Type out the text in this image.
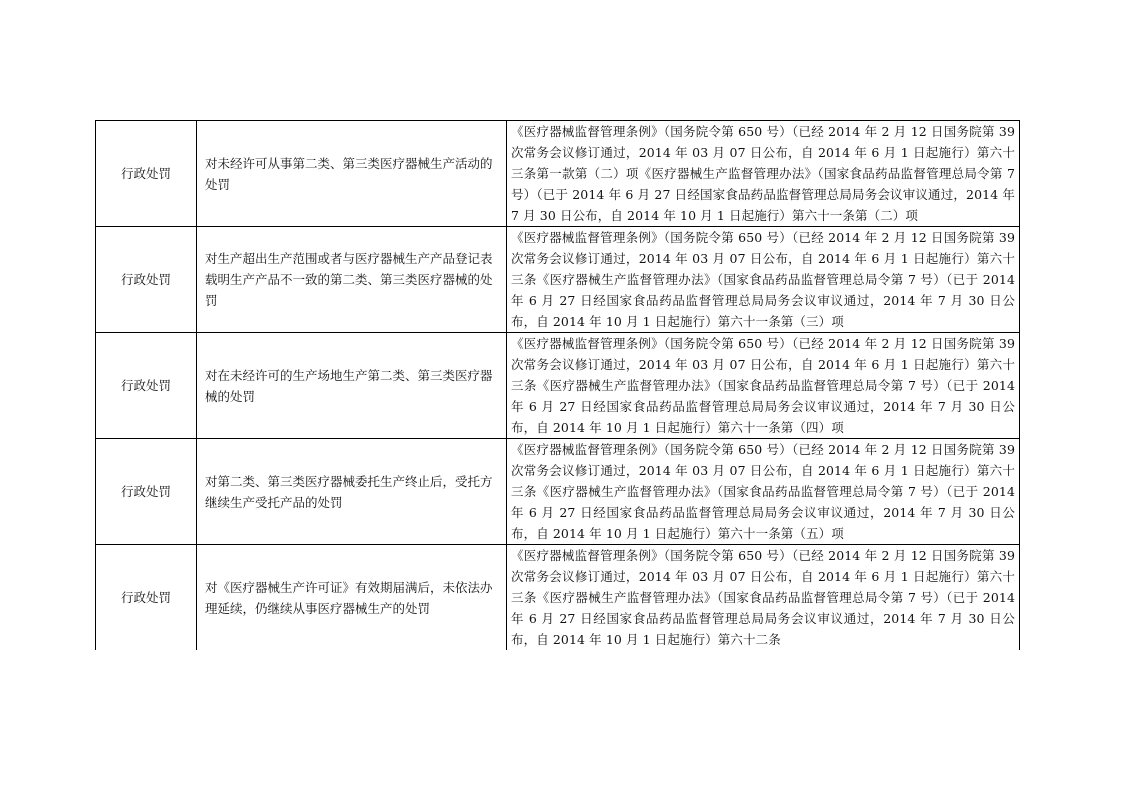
行政处罚	对未经许可从事第二类、第三类医疗器械生产活动的处罚	《医疗器械监督管理条例》（国务院令第 650 号）（已经 2014 年 2 月 12 日国务院第 39 次常务会议修订通过，2014 年 03 月 07 日公布，自 2014 年 6 月 1 日起施行）第六十三条第一款第（二）项《医疗器械生产监督管理办法》（国家食品药品监督管理总局令第 7 号）（已于 2014 年 6 月 27 日经国家食品药品监督管理总局局务会议审议通过，2014 年 7 月 30 日公布，自 2014 年 10 月 1 日起施行）第六十一条第（二）项
行政处罚	对生产超出生产范围或者与医疗器械生产产品登记表载明生产产品不一致的第二类、第三类医疗器械的处罚	《医疗器械监督管理条例》（国务院令第 650 号）（已经 2014 年 2 月 12 日国务院第 39 次常务会议修订通过，2014 年 03 月 07 日公布，自 2014 年 6 月 1 日起施行）第六十三条《医疗器械生产监督管理办法》（国家食品药品监督管理总局令第 7 号）（已于 2014 年 6 月 27 日经国家食品药品监督管理总局局务会议审议通过，2014 年 7 月 30 日公布，自 2014 年 10 月 1 日起施行）第六十一条第（三）项
行政处罚	对在未经许可的生产场地生产第二类、第三类医疗器械的处罚	《医疗器械监督管理条例》（国务院令第 650 号）（已经 2014 年 2 月 12 日国务院第 39 次常务会议修订通过，2014 年 03 月 07 日公布，自 2014 年 6 月 1 日起施行）第六十三条《医疗器械生产监督管理办法》（国家食品药品监督管理总局令第 7 号）（已于 2014 年 6 月 27 日经国家食品药品监督管理总局局务会议审议通过，2014 年 7 月 30 日公布，自 2014 年 10 月 1 日起施行）第六十一条第（四）项
行政处罚	对第二类、第三类医疗器械委托生产终止后，受托方继续生产受托产品的处罚	《医疗器械监督管理条例》（国务院令第 650 号）（已经 2014 年 2 月 12 日国务院第 39 次常务会议修订通过，2014 年 03 月 07 日公布，自 2014 年 6 月 1 日起施行）第六十三条《医疗器械生产监督管理办法》（国家食品药品监督管理总局令第 7 号）（已于 2014 年 6 月 27 日经国家食品药品监督管理总局局务会议审议通过，2014 年 7 月 30 日公布，自 2014 年 10 月 1 日起施行）第六十一条第（五）项
行政处罚	对《医疗器械生产许可证》有效期届满后，未依法办理延续，仍继续从事医疗器械生产的处罚	《医疗器械监督管理条例》（国务院令第 650 号）（已经 2014 年 2 月 12 日国务院第 39 次常务会议修订通过，2014 年 03 月 07 日公布，自 2014 年 6 月 1 日起施行）第六十三条《医疗器械生产监督管理办法》（国家食品药品监督管理总局令第 7 号）（已于 2014 年 6 月 27 日经国家食品药品监督管理总局局务会议审议通过，2014 年 7 月 30 日公布，自 2014 年 10 月 1 日起施行）第六十二条
